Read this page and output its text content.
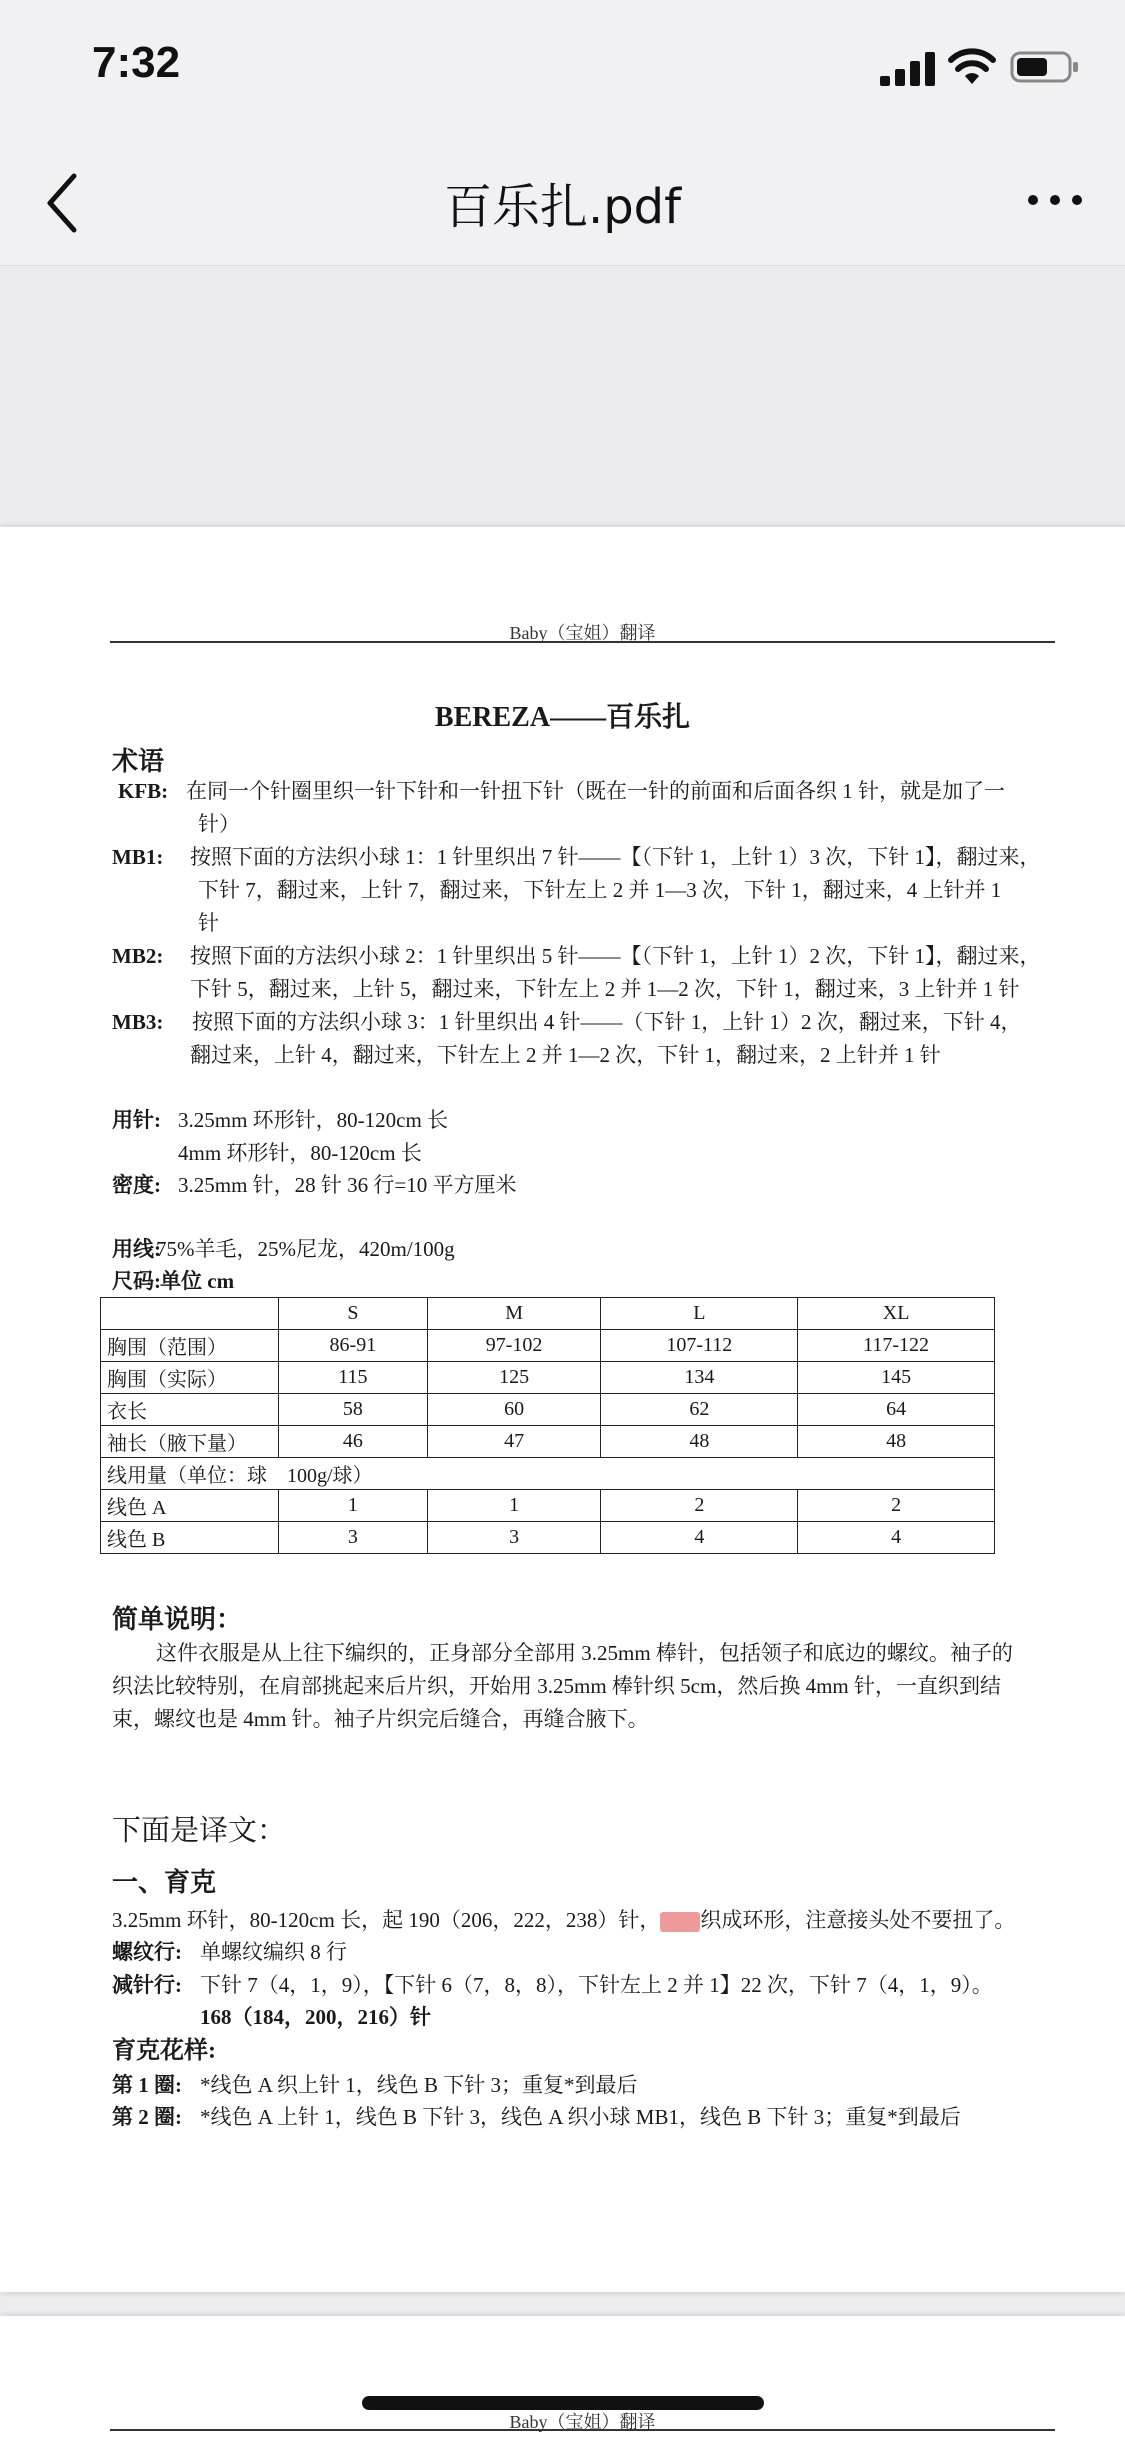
7:32
百乐扎.pdf
Baby（宝姐）翻译
BEREZA——百乐扎
术语
KFB: 在同一个针圈里织一针下针和一针扭下针（既在一针的前面和后面各织 1 针，就是加了一
针）
MB1: 按照下面的方法织小球 1：1 针里织出 7 针——【（下针 1，上针 1）3 次，下针 1】，翻过来，
下针 7，翻过来，上针 7，翻过来，下针左上 2 并 1—3 次，下针 1，翻过来，4 上针并 1
针
MB2: 按照下面的方法织小球 2：1 针里织出 5 针——【（下针 1，上针 1）2 次，下针 1】，翻过来，
下针 5，翻过来，上针 5，翻过来，下针左上 2 并 1—2 次，下针 1，翻过来，3 上针并 1 针
MB3: 按照下面的方法织小球 3：1 针里织出 4 针——（下针 1，上针 1）2 次，翻过来，下针 4，
翻过来，上针 4，翻过来，下针左上 2 并 1—2 次，下针 1，翻过来，2 上针并 1 针
用针: 3.25mm 环形针，80-120cm 长
4mm 环形针，80-120cm 长
密度: 3.25mm 针，28 针 36 行=10 平方厘米
用线:
75%羊毛，25%尼龙，420m/100g
尺码: 单位 cm
简单说明：
这件衣服是从上往下编织的，正身部分全部用 3.25mm 棒针，包括领子和底边的螺纹。袖子的
织法比较特别，在肩部挑起来后片织，开始用 3.25mm 棒针织 5cm，然后换 4mm 针，一直织到结
束，螺纹也是 4mm 针。袖子片织完后缝合，再缝合腋下。
下面是译文：
一、育克
3.25mm 环针，80-120cm 长，起 190（206，222，238）针， 织成环形，注意接头处不要扭了。
螺纹行: 单螺纹编织 8 行
减针行: 下针 7（4，1，9），【下针 6（7，8，8），下针左上 2 并 1】22 次，下针 7（4，1，9）。
168（184，200，216）针
育克花样:
第 1 圈: *线色 A 织上针 1，线色 B 下针 3；重复*到最后
第 2 圈: *线色 A 上针 1，线色 B 下针 3，线色 A 织小球 MB1，线色 B 下针 3；重复*到最后
	S	M	L	XL
胸围（范围）	86-91	97-102	107-112	117-122
胸围（实际）	115	125	134	145
衣长	58	60	62	64
袖长（腋下量）	46	47	48	48
线用量（单位：球　100g/球）				
线色 A	1	1	2	2
线色 B	3	3	4	4
Baby（宝姐）翻译
